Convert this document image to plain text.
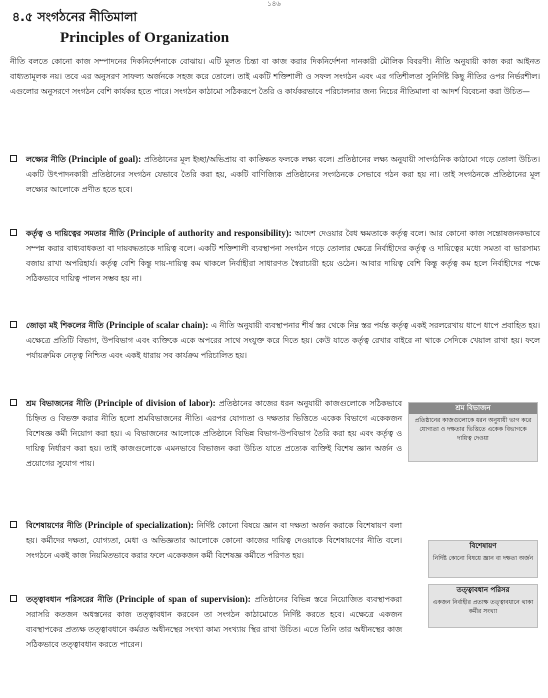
১৪৬
৪.৫ সংগঠনের নীতিমালা
Principles of Organization

নীতি বলতে কোনো কাজ সম্পাদনের দিকনির্দেশনাকে বোঝায়। এটি মূলত চিন্তা বা কাজ করার দিকনির্দেশনা দানকারী মৌলিক বিবরণী। নীতি অনুযায়ী কাজ করা আইনত বাধ্যতামূলক নয়। তবে এর অনুসরণ সাফল্য অর্জনকে সহজ করে তোলে। তাই একটি শক্তিশালী ও সফল সংগঠন এবং এর গতিশীলতা সুনির্দিষ্ট কিছু নীতির ওপর নির্ভরশীল। এগুলোর অনুসরণে সংগঠন বেশি কার্যকর হতে পারে। সংগঠন কাঠামো সঠিকরূপে তৈরি ও কার্যকরভাবে পরিচালনার জন্য নিচের নীতিমালা বা আদর্শ বিবেচনা করা উচিত—

লক্ষ্যের নীতি (Principle of goal): প্রতিষ্ঠানের মূল ইচ্ছা/অভিপ্রায় বা কাঙ্ক্ষিত ফলকে লক্ষ্য বলে। প্রতিষ্ঠানের লক্ষ্য অনুযায়ী সাংগঠনিক কাঠামো গড়ে তোলা উচিত। একটি উৎপাদনকারী প্রতিষ্ঠানের সংগঠন যেভাবে তৈরি করা হয়, একটি বাণিজ্যিক প্রতিষ্ঠানের সংগঠনকে সেভাবে গঠন করা হয় না। তাই সংগঠনকে প্রতিষ্ঠানের মূল লক্ষ্যের আলোকে প্রণীত হতে হবে।

কর্তৃত্ব ও দায়িত্বের সমতার নীতি (Principle of authority and responsibility): আদেশ দেওয়ার বৈধ ক্ষমতাকে কর্তৃত্ব বলে। আর কোনো কাজ সন্তোষজনকভাবে সম্পন্ন করার বাধ্যবাধকতা বা দায়বদ্ধতাকে দায়িত্ব বলে। একটি শক্তিশালী ব্যবস্থাপনা সংগঠন গড়ে তোলার ক্ষেত্রে নির্বাহীদের কর্তৃত্ব ও দায়িত্বের মধ্যে সমতা বা ভারসাম্য বজায় রাখা অপরিহার্য। কর্তৃত্ব বেশি কিন্তু দায়-দায়িত্ব কম থাকলে নির্বাহীরা সাধারণত স্বৈরাচারী হয়ে ওঠেন। আবার দায়িত্ব বেশি কিন্তু কর্তৃত্ব কম হলে নির্বাহীদের পক্ষে সঠিকভাবে দায়িত্ব পালন সম্ভব হয় না।

জোড়া মই শিকলের নীতি (Principle of scalar chain): এ নীতি অনুযায়ী ব্যবস্থাপনার শীর্ষ স্তর থেকে নিম্ন স্তর পর্যন্ত কর্তৃত্ব একই সরলরেখায় ধাপে ধাপে প্রবাহিত হয়। এক্ষেত্রে প্রতিটি বিভাগ, উপবিভাগ এবং ব্যক্তিকে একে অপরের সাথে সংযুক্ত করে দিতে হয়। কেউ যাতে কর্তৃত্ব রেখার বাইরে না থাকে সেদিকে খেয়াল রাখা হয়। ফলে পর্যায়ক্রমিক নেতৃত্ব নিশ্চিত এবং একই ধারায় সব কার্যক্রম পরিচালিত হয়।

শ্রম বিভাজনের নীতি (Principle of division of labor): প্রতিষ্ঠানের কাজের ধরন অনুযায়ী কাজগুলোকে সঠিকভাবে চিহ্নিত ও বিভক্ত করার নীতি হলো শ্রমবিভাজনের নীতি। এরপর যোগ্যতা ও দক্ষতার ভিত্তিতে একেক বিভাগে একেকজন বিশেষজ্ঞ কর্মী নিয়োগ করা হয়। এ বিভাজনের আলোকে প্রতিষ্ঠানে বিভিন্ন বিভাগ-উপবিভাগ তৈরি করা হয় এবং কর্তৃত্ব ও দায়িত্ব নির্ধারণ করা হয়। তাই কাজগুলোকে এমনভাবে বিভাজন করা উচিত যাতে প্রত্যেক ব্যক্তিই বিশেষ জ্ঞান অর্জন ও প্রয়োগের সুযোগ পায়।

শ্রম বিভাজন
প্রতিষ্ঠানের কাজগুলোকে ধরন অনুযায়ী ভাগ করে যোগ্যতা ও দক্ষতার ভিত্তিতে একেক বিভাগকে দায়িত্ব দেওয়া

বিশেষায়ণের নীতি (Principle of specialization): নির্দিষ্ট কোনো বিষয়ে জ্ঞান বা দক্ষতা অর্জন করাকে বিশেষায়ণ বলা হয়। কর্মীদের দক্ষতা, যোগ্যতা, মেধা ও অভিজ্ঞতার আলোকে কোনো কাজের দায়িত্ব দেওয়াকে বিশেষায়ণের নীতি বলে। সংগঠনে একই কাজ নিয়মিতভাবে করার ফলে একেকজন কর্মী বিশেষজ্ঞ কর্মীতে পরিণত হয়।

বিশেষায়ণ
নির্দিষ্ট কোনো বিষয়ে জ্ঞান বা দক্ষতা অর্জন

তত্ত্বাবধান পরিসরের নীতি (Principle of span of supervision): প্রতিষ্ঠানের বিভিন্ন স্তরে নিয়োজিত ব্যবস্থাপকরা সরাসরি কতজন অধস্তনের কাজ তত্ত্বাবধান করবেন তা সংগঠন কাঠামোতে নির্দিষ্ট করতে হবে। এক্ষেত্রে একজন ব্যবস্থাপকের প্রত্যক্ষ তত্ত্বাবধানে কর্মরত অধীনস্থের সংখ্যা কাম্য সংখ্যায় স্থির রাখা উচিত। এতে তিনি তার অধীনস্থের কাজ সঠিকভাবে তত্ত্বাবধান করতে পারেন।

তত্ত্বাবধান পরিসর
একজন নির্বাহীর প্রত্যক্ষ তত্ত্বাবধানে থাকা কর্মীর সংখ্যা
